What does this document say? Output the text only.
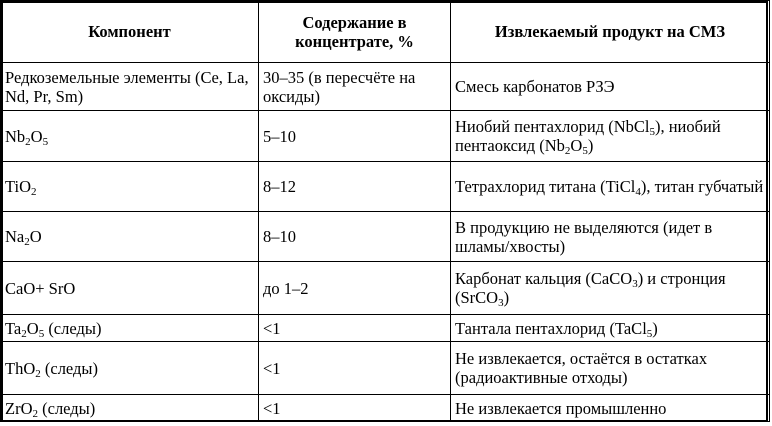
Компонент	Содержание в концентрате, %	Извлекаемый продукт на СМЗ
Редкоземельные элементы (Ce, La, Nd, Pr, Sm)	30–35 (в пересчёте на оксиды)	Смесь карбонатов РЗЭ
$Nb_2O_5$	5–10	Ниобий пентахлорид (NbCl$_5$), ниобий пентаоксид $(Nb_2O_5)$
TiO$_2$	8–12	Тетрахлорид титана (TiCl$_4$), титан губчатый
$Na_2O$	8–10	В продукцию не выделяются (идет в шламы/хвосты)
CaO+ SrO	до 1–2	Карбонат кальция (CaCO$_3$) и стронция (SrCO$_3$)
$Ta_2O_5$ (следы)	<1	Тантала пентахлорид (TaCl$_5$)
ThO$_2$ (следы)	<1	Не извлекается, остаётся в остатках (радиоактивные отходы)
ZrO$_2$ (следы)	<1	Не извлекается промышленно
